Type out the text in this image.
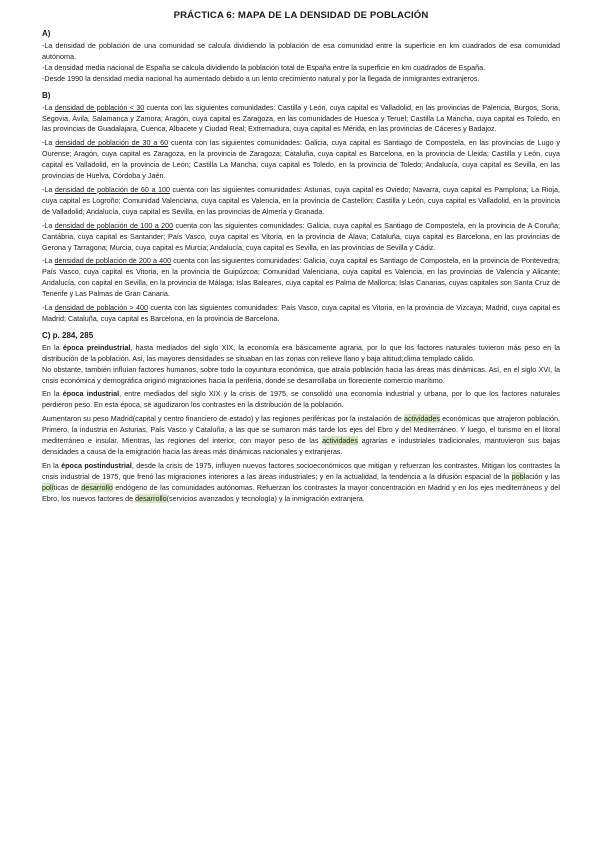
PRÁCTICA 6: MAPA DE LA DENSIDAD DE POBLACIÓN
A)

-La densidad de población de una comunidad se calcula dividiendo la población de esa comunidad entre la superficie en km cuadrados de esa comunidad autónoma.

-La densidad media nacional de España se calcula dividiendo la población total de España entre la superficie en km cuadrados de España.

-Desde 1990 la densidad media nacional ha aumentado debido a un lento crecimiento natural y por la llegada de inmigrantes extranjeros.

B)

-La densidad de población < 30 cuenta con las siguientes comunidades: Castilla y León, cuya capital es Valladolid, en las provincias de Palencia, Burgos, Soria, Segovia, Ávila, Salamanca y Zamora; Aragón, cuya capital es Zaragoza, en las comunidades de Huesca y Teruel; Castilla La Mancha, cuya capital es Toledo, en las provincias de Guadalajara, Cuenca, Albacete y Ciudad Real; Extremadura, cuya capital es Mérida, en las provincias de Cáceres y Badajoz.

-La densidad de población de 30 a 60 cuenta con las siguientes comunidades: Galicia, cuya capital es Santiago de Compostela, en las provincias de Lugo y Ourense; Aragón, cuya capital es Zaragoza, en la provincia de Zaragoza; Cataluña, cuya capital es Barcelona, en la provincia de Lleida; Castilla y León, cuya capital es Valladolid, en la provincia de León; Castilla La Mancha, cuya capital es Toledo, en la provincia de Toledo; Andalucía, cuya capital es Sevilla, en las provincias de Huelva, Córdoba y Jaén.

-La densidad de población de 60 a 100 cuenta con las siguientes comunidades: Asturias, cuya capital es Oviedo; Navarra, cuya capital es Pamplona; La Rioja, cuya capital es Logroño; Comunidad Valenciana, cuya capital es Valencia, en la provincia de Castellón; Castilla y León, cuya capital es Valladolid, en la provincia de Valladolid; Andalucía, cuya capital es Sevilla, en las provincias de Almería y Granada.

-La densidad de población de 100 a 200 cuenta con las siguientes comunidades: Galicia, cuya capital es Santiago de Compostela, en la provincia de A Coruña; Cantábria, cuya capital es Santander; País Vasco, cuya capital es Vitoria, en la provincia de Álava; Cataluña, cuya capital es Barcelona, en las provincias de Gerona y Tarragona; Murcia, cuya capital es Murcia; Andalucía, cuya capital es Sevilla, en las provincias de Sevilla y Cádiz.

-La densidad de población de 200 a 400 cuenta con las siguientes comunidades: Galicia, cuya capital es Santiago de Compostela, en la provincia de Pontevedra; País Vasco, cuya capital es Vitoria, en la provincia de Guipúzcoa; Comunidad Valenciana, cuya capital es Valencia, en las provincias de Valencia y Alicante; Andalucía, con capital en Sevilla, en la provincia de Málaga; Islas Baleares, cuya capital es Palma de Mallorca; Islas Canarias, cuyas capitales son Santa Cruz de Tenerife y Las Palmas de Gran Canaria.

-La densidad de población > 400 cuenta con las siguientes comunidades: País Vasco, cuya capital es Vitoria, en la provincia de Vizcaya; Madrid, cuya capital es Madrid; Cataluña, cuya capital es Barcelona, en la provincia de Barcelona.

C) p. 284, 285

En la época preindustrial, hasta mediados del siglo XIX, la economía era básicamente agraria, por lo que los factores naturales tuvieron más peso en la distribución de la población. Así, las mayores densidades se situaban en las zonas con relieve llano y baja altitud;clima templado cálido.

No obstante, también influían factores humanos, sobre todo la coyuntura económica, que atraía población hacia las áreas más dinámicas. Así, en el siglo XVI, la crisis económica y demográfica originó migraciones hacia la periferia, donde se desarrollaba un floreciente comercio marítimo.

En la época industrial, entre mediados del siglo XIX y la crisis de 1975, se consolidó una economía industrial y urbana, por lo que los factores naturales perdieron peso. En esta época, se agudizaron los contrastes en la distribución de la población.

Aumentaron su peso Madrid(capital y centro financiero de estado) y las regiones periféricas por la instalación de actividades económicas que atrajeron población. Primero, la industria en Asturias, País Vasco y Cataluña, a las que se sumaron más tarde los ejes del Ebro y del Mediterráneo. Y luego, el turismo en el litoral mediterráneo e insular. Mientras, las regiones del interior, con mayor peso de las actividades agrarias e industriales tradicionales, mantuvieron sus bajas densidades a causa de la emigración hacia las áreas más dinámicas nacionales y extranjeras.

En la época postindustrial, desde la crisis de 1975, influyen nuevos factores socioeconómicos que mitigan y refuerzan los contrastes. Mitigan los contrastes la crisis industrial de 1975, que frenó las migraciones interiores a las áreas industriales; y en la actualidad, la tendencia a la difusión espacial de la población y las políticas de desarrollo endógeno de las comunidades autónomas. Refuerzan los contrastes la mayor concentración en Madrid y en los ejes mediterráneos y del Ebro, los nuevos factores de desarrollo(servicios avanzados y tecnología) y la inmigración extranjera.
